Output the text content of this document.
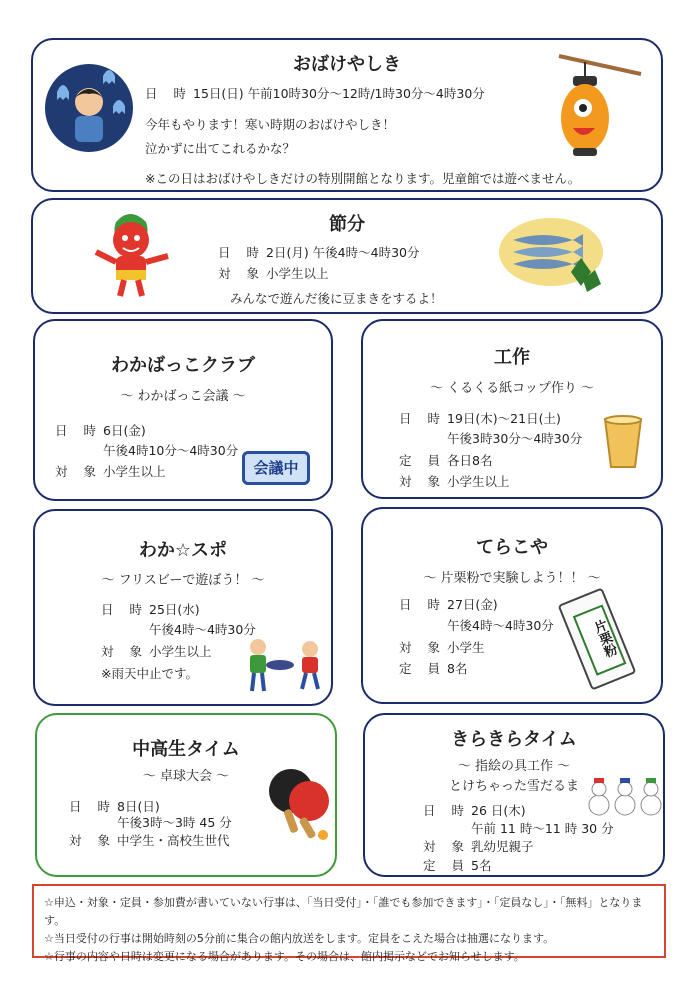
おばけやしき
日 時15日(日) 午前10時30分～12時/1時30分～4時30分
今年もやります！寒い時期のおばけやしき！
泣かずに出てこれるかな？
※この日はおばけやしきだけの特別開館となります。児童館では遊べません。
節分
日 時2日(月) 午後4時～4時30分
対 象小学生以上
みんなで遊んだ後に豆まきをするよ！
わかばっこクラブ
～ わかばっこ会議 ～
日 時6日(金)
午後4時10分～4時30分
対 象小学生以上	会議中
工作
～ くるくる紙コップ作り ～
日 時19日(木)～21日(土)
午後3時30分～4時30分
定 員各日8名
対 象小学生以上
わか☆スポ
～ フリスビーで遊ぼう！ ～
日 時25日(水)
午後4時～4時30分
対 象小学生以上
※雨天中止です。
てらこや
～ 片栗粉で実験しよう！！ ～
日 時27日(金)
午後4時～4時30分
対 象小学生
定 員8名
片栗粉
中高生タイム
～ 卓球大会 ～
日 時8日(日)
午後3時～3時 45 分
対 象中学生・高校生世代
きらきらタイム
～ 指絵の具工作 ～
とけちゃった雪だるま
日 時26 日(木)
午前 11 時～11 時 30 分
対 象乳幼児親子
定 員5名
☆申込・対象・定員・参加費が書いていない行事は、「当日受付」・「誰でも参加できます」・「定員なし」・「無料」となります。
☆当日受付の行事は開始時刻の5分前に集合の館内放送をします。定員をこえた場合は抽選になります。
☆行事の内容や日時は変更になる場合があります。その場合は、館内掲示などでお知らせします。
